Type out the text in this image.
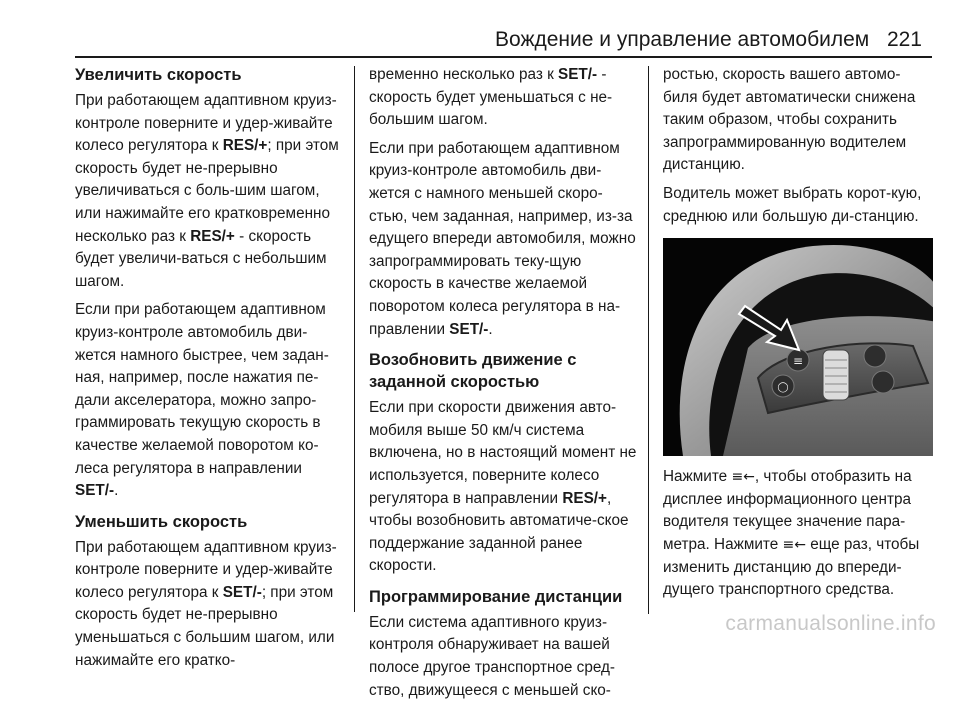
Вождение и управление автомобилем 221
Увеличить скорость

При работающем адаптивном круиз-контроле поверните и удер-живайте колесо регулятора к RES/+; при этом скорость будет не-прерывно увеличиваться с боль-шим шагом, или нажимайте его кратковременно несколько раз к RES/+ - скорость будет увеличи-ваться с небольшим шагом.

Если при работающем адаптивном круиз-контроле автомобиль дви-жется намного быстрее, чем задан-ная, например, после нажатия пе-дали акселератора, можно запро-граммировать текущую скорость в качестве желаемой поворотом ко-леса регулятора в направлении SET/-.

Уменьшить скорость

При работающем адаптивном круиз-контроле поверните и удер-живайте колесо регулятора к SET/-; при этом скорость будет не-прерывно уменьшаться с большим шагом, или нажимайте его кратко-

временно несколько раз к SET/- - скорость будет уменьшаться с не-большим шагом.

Если при работающем адаптивном круиз-контроле автомобиль дви-жется с намного меньшей скоро-стью, чем заданная, например, из-за едущего впереди автомобиля, можно запрограммировать теку-щую скорость в качестве желаемой поворотом колеса регулятора в на-правлении SET/-.

Возобновить движение с заданной скоростью

Если при скорости движения авто-мобиля выше 50 км/ч система включена, но в настоящий момент не используется, поверните колесо регулятора в направлении RES/+, чтобы возобновить автоматиче-ское поддержание заданной ранее скорости.

Программирование дистанции

Если система адаптивного круиз-контроля обнаруживает на вашей полосе другое транспортное сред-ство, движущееся с меньшей ско-

ростью, скорость вашего автомо-биля будет автоматически снижена таким образом, чтобы сохранить запрограммированную водителем дистанцию.

Водитель может выбрать корот-кую, среднюю или большую ди-станцию.

≡
◯

Нажмите ≡←, чтобы отобразить на дисплее информационного центра водителя текущее значение пара-метра. Нажмите ≡← еще раз, чтобы изменить дистанцию до впереди-дущего транспортного средства.

carmanualsonline.info
